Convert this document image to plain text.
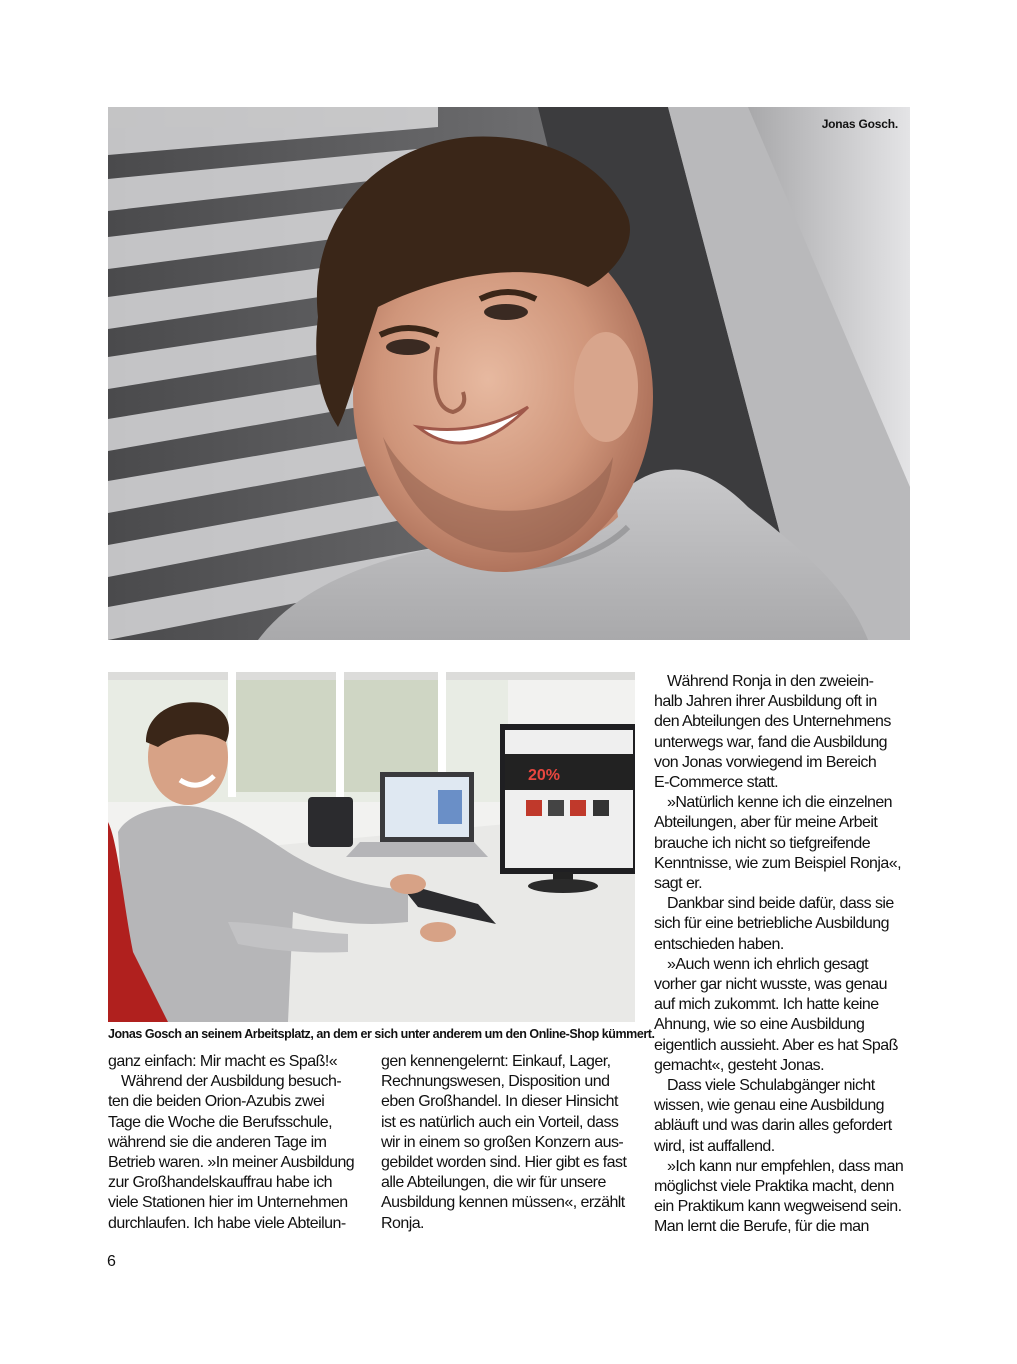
Jonas Gosch.
20%
Jonas Gosch an seinem Arbeitsplatz, an dem er sich unter anderem um den Online-Shop kümmert.
ganz einfach: Mir macht es Spaß!«
Während der Ausbildung besuch-
ten die beiden Orion-Azubis zwei
Tage die Woche die Berufsschule,
während sie die anderen Tage im
Betrieb waren. »In meiner Ausbildung
zur Großhandelskauffrau habe ich
viele Stationen hier im Unternehmen
durchlaufen. Ich habe viele Abteilun-
gen kennengelernt: Einkauf, Lager,
Rechnungswesen, Disposition und
eben Großhandel. In dieser Hinsicht
ist es natürlich auch ein Vorteil, dass
wir in einem so großen Konzern aus-
gebildet worden sind. Hier gibt es fast
alle Abteilungen, die wir für unsere
Ausbildung kennen müssen«, erzählt
Ronja.
Während Ronja in den zweiein-
halb Jahren ihrer Ausbildung oft in
den Abteilungen des Unternehmens
unterwegs war, fand die Ausbildung
von Jonas vorwiegend im Bereich
E-Commerce statt.
»Natürlich kenne ich die einzelnen
Abteilungen, aber für meine Arbeit
brauche ich nicht so tiefgreifende
Kenntnisse, wie zum Beispiel Ronja«,
sagt er.
Dankbar sind beide dafür, dass sie
sich für eine betriebliche Ausbildung
entschieden haben.
»Auch wenn ich ehrlich gesagt
vorher gar nicht wusste, was genau
auf mich zukommt. Ich hatte keine
Ahnung, wie so eine Ausbildung
eigentlich aussieht. Aber es hat Spaß
gemacht«, gesteht Jonas.
Dass viele Schulabgänger nicht
wissen, wie genau eine Ausbildung
abläuft und was darin alles gefordert
wird, ist auffallend.
»Ich kann nur empfehlen, dass man
möglichst viele Praktika macht, denn
ein Praktikum kann wegweisend sein.
Man lernt die Berufe, für die man
6
